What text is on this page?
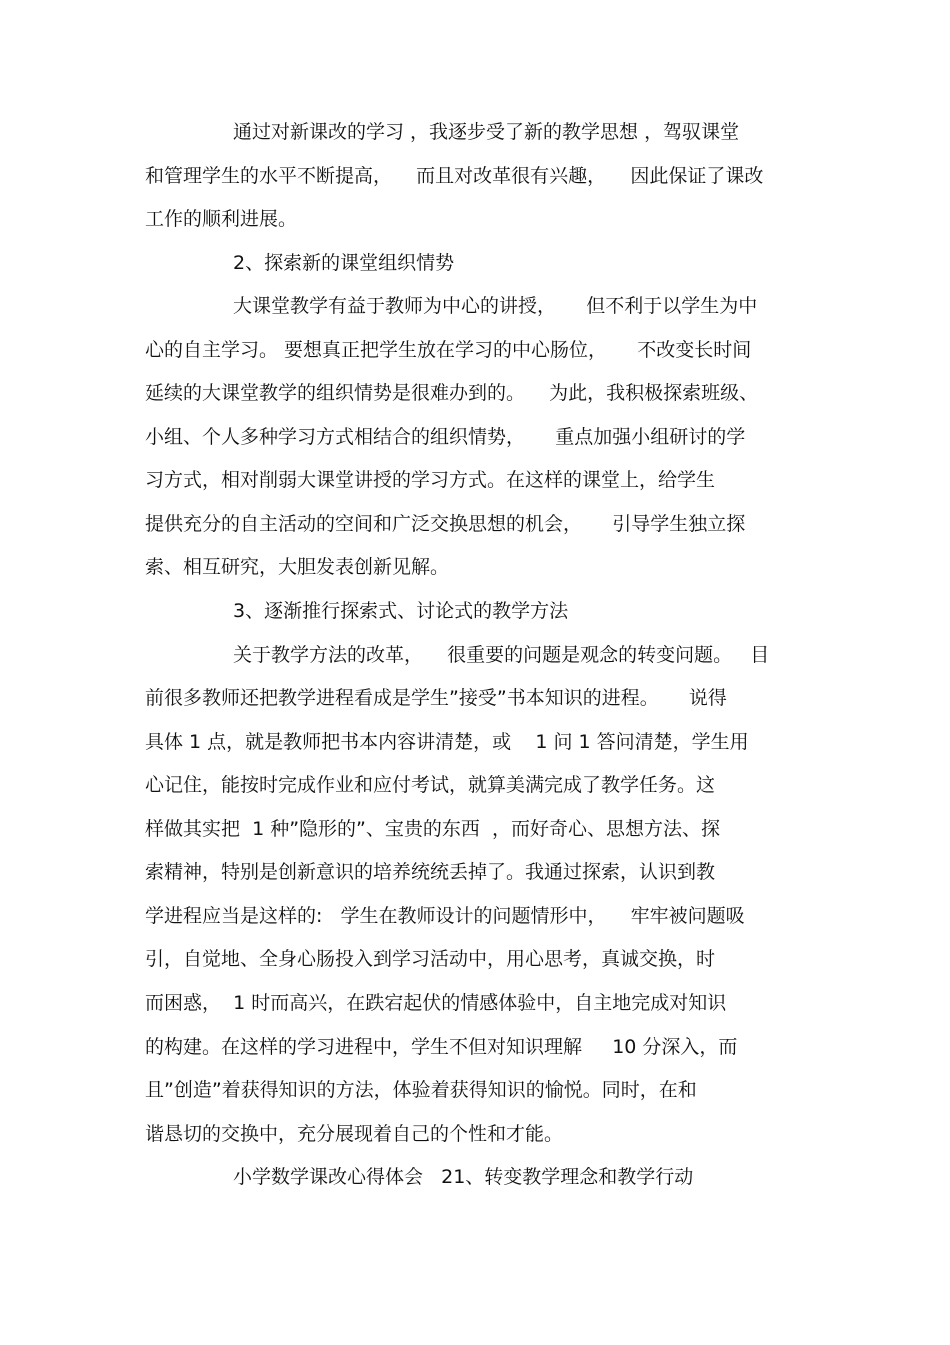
通过对新课改的学习 ，我逐步受了新的教学思想 ，驾驭课堂
和管理学生的水平不断提高，    而且对改革很有兴趣，    因此保证了课改
工作的顺利进展。
2、探索新的课堂组织情势
大课堂教学有益于教师为中心的讲授，     但不利于以学生为中
心的自主学习。 要想真正把学生放在学习的中心肠位，     不改变长时间
延续的大课堂教学的组织情势是很难办到的。    为此，我积极探索班级、
小组、个人多种学习方式相结合的组织情势，     重点加强小组研讨的学
习方式，相对削弱大课堂讲授的学习方式。在这样的课堂上，给学生
提供充分的自主活动的空间和广泛交换思想的机会，     引导学生独立探
索、相互研究，大胆发表创新见解。
3、逐渐推行探索式、讨论式的教学方法
关于教学方法的改革，    很重要的问题是观念的转变问题。   目
前很多教师还把教学进程看成是学生”接受”书本知识的进程。     说得
具体 1 点，就是教师把书本内容讲清楚，或    1 问 1 答问清楚，学生用
心记住，能按时完成作业和应付考试，就算美满完成了教学任务。这
样做其实把  1 种”隐形的”、宝贵的东西  ，而好奇心、思想方法、探
索精神，特别是创新意识的培养统统丢掉了。我通过探索，认识到教
学进程应当是这样的:   学生在教师设计的问题情形中，    牢牢被问题吸
引，自觉地、全身心肠投入到学习活动中，用心思考，真诚交换，时
而困惑，  1 时而高兴，在跌宕起伏的情感体验中，自主地完成对知识
的构建。在这样的学习进程中，学生不但对知识理解     10 分深入，而
且”创造”着获得知识的方法，体验着获得知识的愉悦。同时，在和
谐恳切的交换中，充分展现着自己的个性和才能。
小学数学课改心得体会   21、转变教学理念和教学行动
